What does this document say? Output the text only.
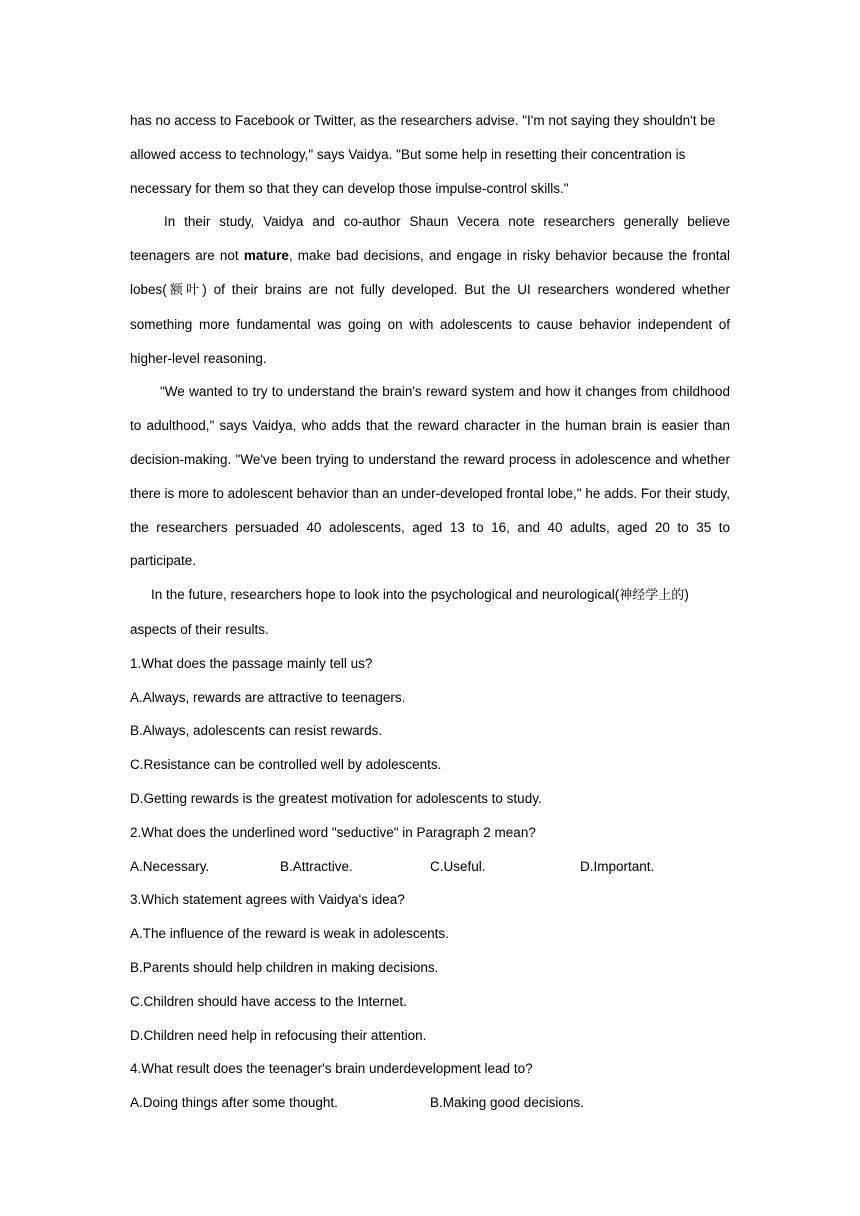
has no access to Facebook or Twitter, as the researchers advise. "I'm not saying they shouldn't be

allowed access to technology," says Vaidya. "But some help in resetting their concentration is

necessary for them so that they can develop those impulse-control skills."

In their study, Vaidya and co-author Shaun Vecera note researchers generally believe teenagers are not mature, make bad decisions, and engage in risky behavior because the frontal lobes(额叶) of their brains are not fully developed. But the UI researchers wondered whether something more fundamental was going on with adolescents to cause behavior independent of higher-level reasoning.

"We wanted to try to understand the brain's reward system and how it changes from childhood to adulthood," says Vaidya, who adds that the reward character in the human brain is easier than decision-making. "We've been trying to understand the reward process in adolescence and whether there is more to adolescent behavior than an under-developed frontal lobe," he adds. For their study, the researchers persuaded 40 adolescents, aged 13 to 16, and 40 adults, aged 20 to 35 to participate.

In the future, researchers hope to look into the psychological and neurological(神经学上的)

aspects of their results.

1.What does the passage mainly tell us?

A.Always, rewards are attractive to teenagers.

B.Always, adolescents can resist rewards.

C.Resistance can be controlled well by adolescents.

D.Getting rewards is the greatest motivation for adolescents to study.

2.What does the underlined word "seductive" in Paragraph 2 mean?

A.Necessary.	B.Attractive.	C.Useful.	D.Important.

3.Which statement agrees with Vaidya's idea?

A.The influence of the reward is weak in adolescents.

B.Parents should help children in making decisions.

C.Children should have access to the Internet.

D.Children need help in refocusing their attention.

4.What result does the teenager's brain underdevelopment lead to?

A.Doing things after some thought.	B.Making good decisions.
